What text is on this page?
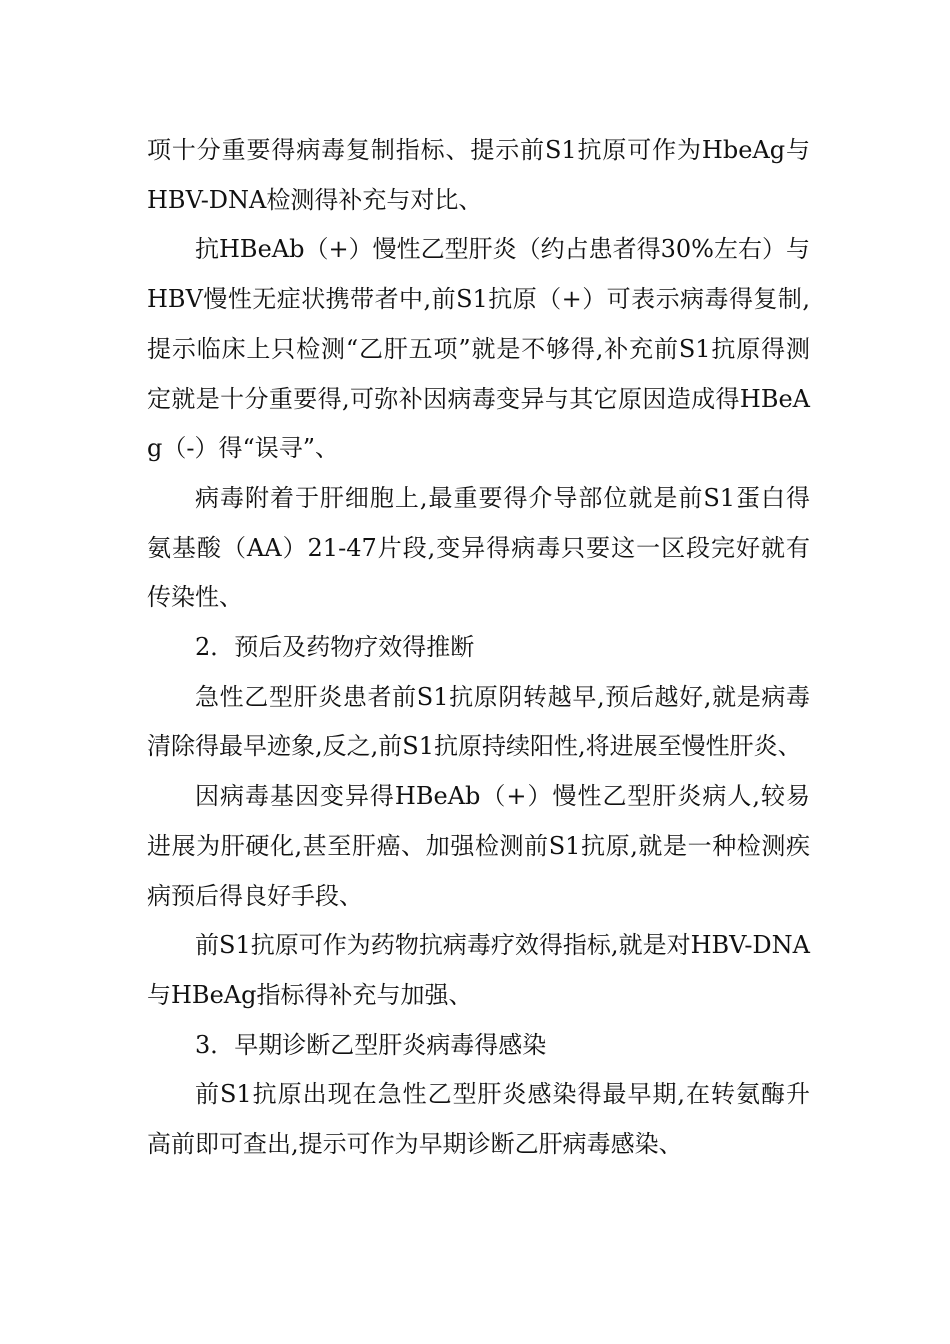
项十分重要得病毒复制指标、提示前S1抗原可作为HbeAg与HBV-DNA检测得补充与对比、

抗HBeAb（+）慢性乙型肝炎（约占患者得30%左右）与HBV慢性无症状携带者中,前S1抗原（+）可表示病毒得复制,提示临床上只检测“乙肝五项”就是不够得,补充前S1抗原得测定就是十分重要得,可弥补因病毒变异与其它原因造成得HBeAg（-）得“误寻”、

病毒附着于肝细胞上,最重要得介导部位就是前S1蛋白得氨基酸（AA）21-47片段,变异得病毒只要这一区段完好就有传染性、

2．预后及药物疗效得推断

急性乙型肝炎患者前S1抗原阴转越早,预后越好,就是病毒清除得最早迹象,反之,前S1抗原持续阳性,将进展至慢性肝炎、

因病毒基因变异得HBeAb（+）慢性乙型肝炎病人,较易进展为肝硬化,甚至肝癌、加强检测前S1抗原,就是一种检测疾病预后得良好手段、

前S1抗原可作为药物抗病毒疗效得指标,就是对HBV-DNA与HBeAg指标得补充与加强、

3．早期诊断乙型肝炎病毒得感染

前S1抗原出现在急性乙型肝炎感染得最早期,在转氨酶升高前即可查出,提示可作为早期诊断乙肝病毒感染、
